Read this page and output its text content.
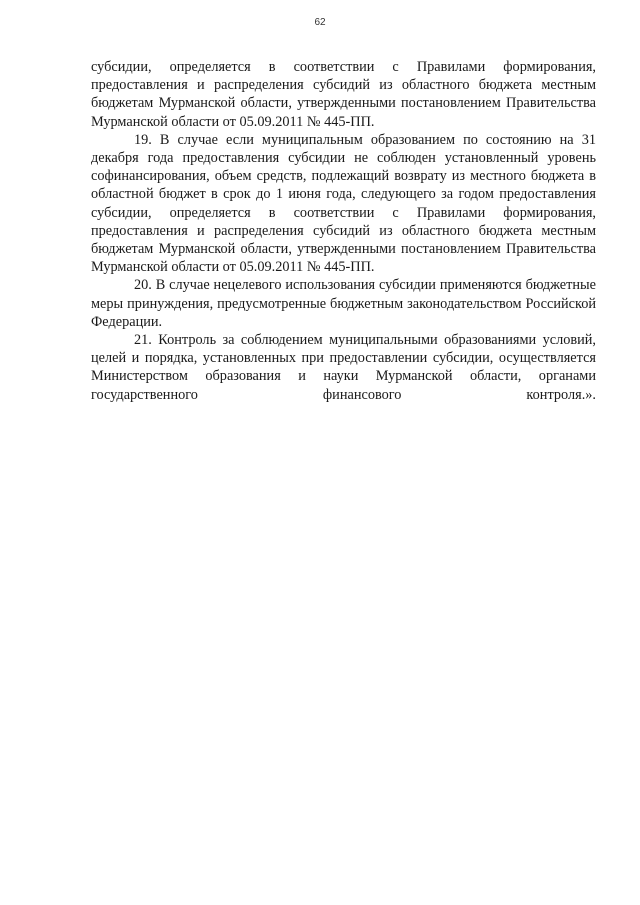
62

субсидии, определяется в соответствии с Правилами формирования, предоставления и распределения субсидий из областного бюджета местным бюджетам Мурманской области, утвержденными постановлением Правительства Мурманской области от 05.09.2011 № 445-ПП.

19. В случае если муниципальным образованием по состоянию на 31 декабря года предоставления субсидии не соблюден установленный уровень софинансирования, объем средств, подлежащий возврату из местного бюджета в областной бюджет в срок до 1 июня года, следующего за годом предоставления субсидии, определяется в соответствии с Правилами формирования, предоставления и распределения субсидий из областного бюджета местным бюджетам Мурманской области, утвержденными постановлением Правительства Мурманской области от 05.09.2011 № 445-ПП.

20. В случае нецелевого использования субсидии применяются бюджетные меры принуждения, предусмотренные бюджетным законодательством Российской Федерации.

21. Контроль за соблюдением муниципальными образованиями условий, целей и порядка, установленных при предоставлении субсидии, осуществляется Министерством образования и науки Мурманской области, органами государственного финансового контроля.».
